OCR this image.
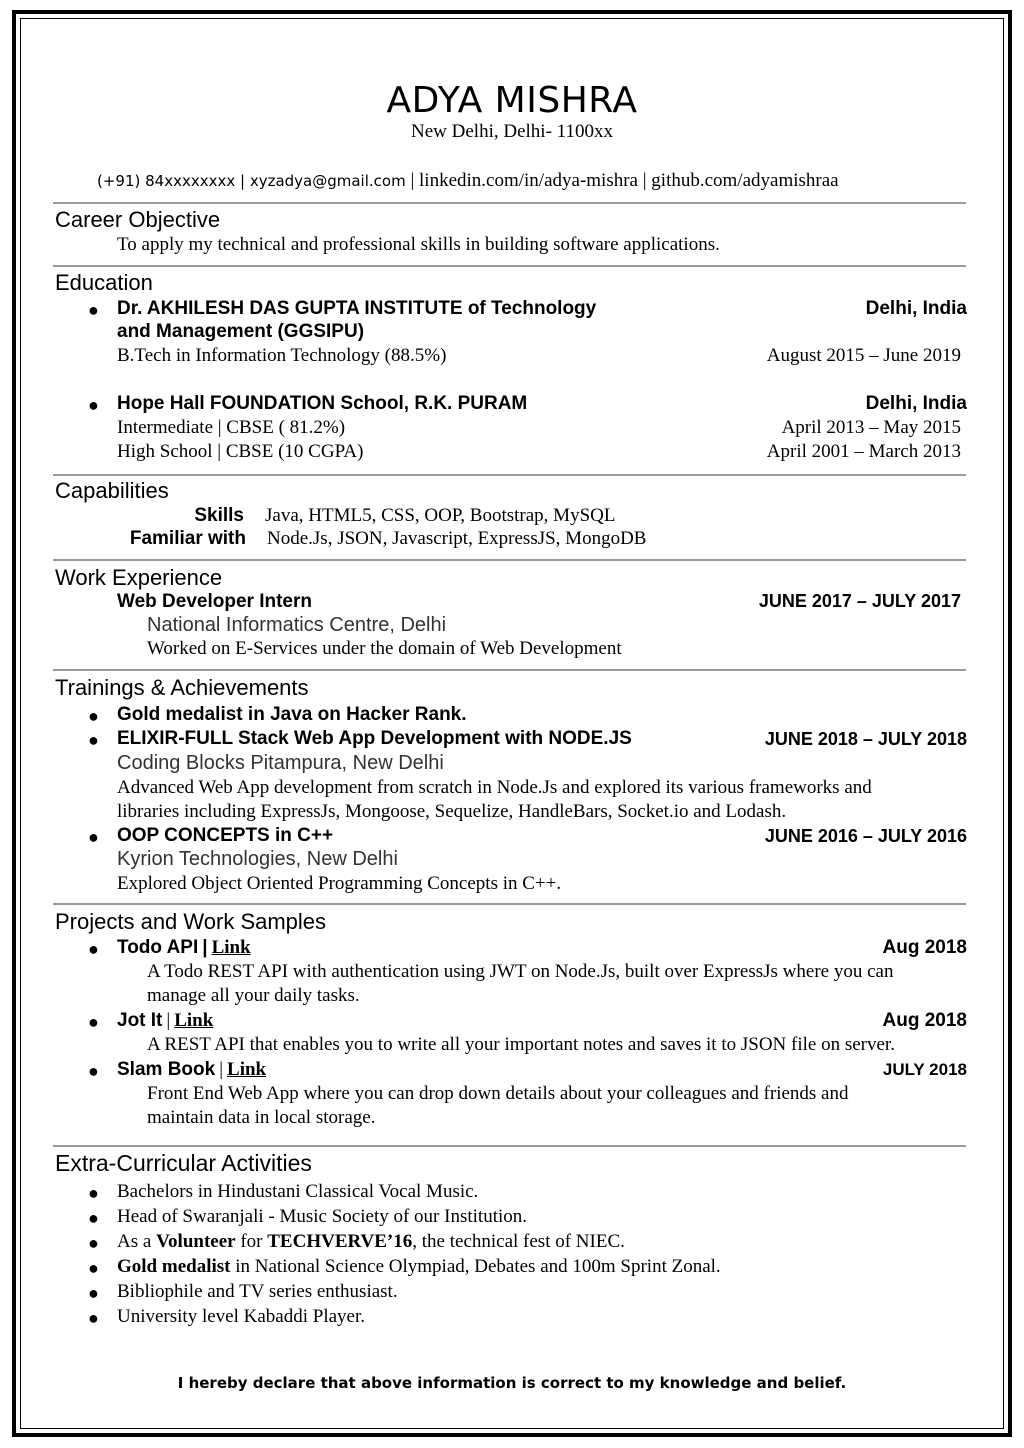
ADYA MISHRA
New Delhi, Delhi- 1100xx
(+91) 84xxxxxxxx | xyzadya@gmail.com | linkedin.com/in/adya-mishra | github.com/adyamishraa
Career Objective
To apply my technical and professional skills in building software applications.
Education
● Dr. AKHILESH DAS GUPTA INSTITUTE of Technology
and Management (GGSIPU)
Delhi, India
B.Tech in Information Technology (88.5%)	August 2015 – June 2019
● Hope Hall FOUNDATION School, R.K. PURAM	Delhi, India
Intermediate | CBSE ( 81.2%)	April 2013 – May 2015
High School | CBSE (10 CGPA)	April 2001 – March 2013
Capabilities
Skills Java, HTML5, CSS, OOP, Bootstrap, MySQL
Familiar with Node.Js, JSON, Javascript, ExpressJS, MongoDB
Work Experience
Web Developer Intern	JUNE 2017 – JULY 2017
National Informatics Centre, Delhi
Worked on E-Services under the domain of Web Development
Trainings & Achievements
● Gold medalist in Java on Hacker Rank.
● ELIXIR-FULL Stack Web App Development with NODE.JS	JUNE 2018 – JULY 2018
Coding Blocks Pitampura, New Delhi
Advanced Web App development from scratch in Node.Js and explored its various frameworks and
libraries including ExpressJs, Mongoose, Sequelize, HandleBars, Socket.io and Lodash.
● OOP CONCEPTS in C++	JUNE 2016 – JULY 2016
Kyrion Technologies, New Delhi
Explored Object Oriented Programming Concepts in C++.
Projects and Work Samples
● Todo API | Link	Aug 2018
A Todo REST API with authentication using JWT on Node.Js, built over ExpressJs where you can
manage all your daily tasks.
● Jot It | Link	Aug 2018
A REST API that enables you to write all your important notes and saves it to JSON file on server.
● Slam Book | Link	JULY 2018
Front End Web App where you can drop down details about your colleagues and friends and
maintain data in local storage.
Extra-Curricular Activities
● Bachelors in Hindustani Classical Vocal Music.
● Head of Swaranjali - Music Society of our Institution.
● As a Volunteer for TECHVERVE’16, the technical fest of NIEC.
● Gold medalist in National Science Olympiad, Debates and 100m Sprint Zonal.
● Bibliophile and TV series enthusiast.
● University level Kabaddi Player.
I hereby declare that above information is correct to my knowledge and belief.
